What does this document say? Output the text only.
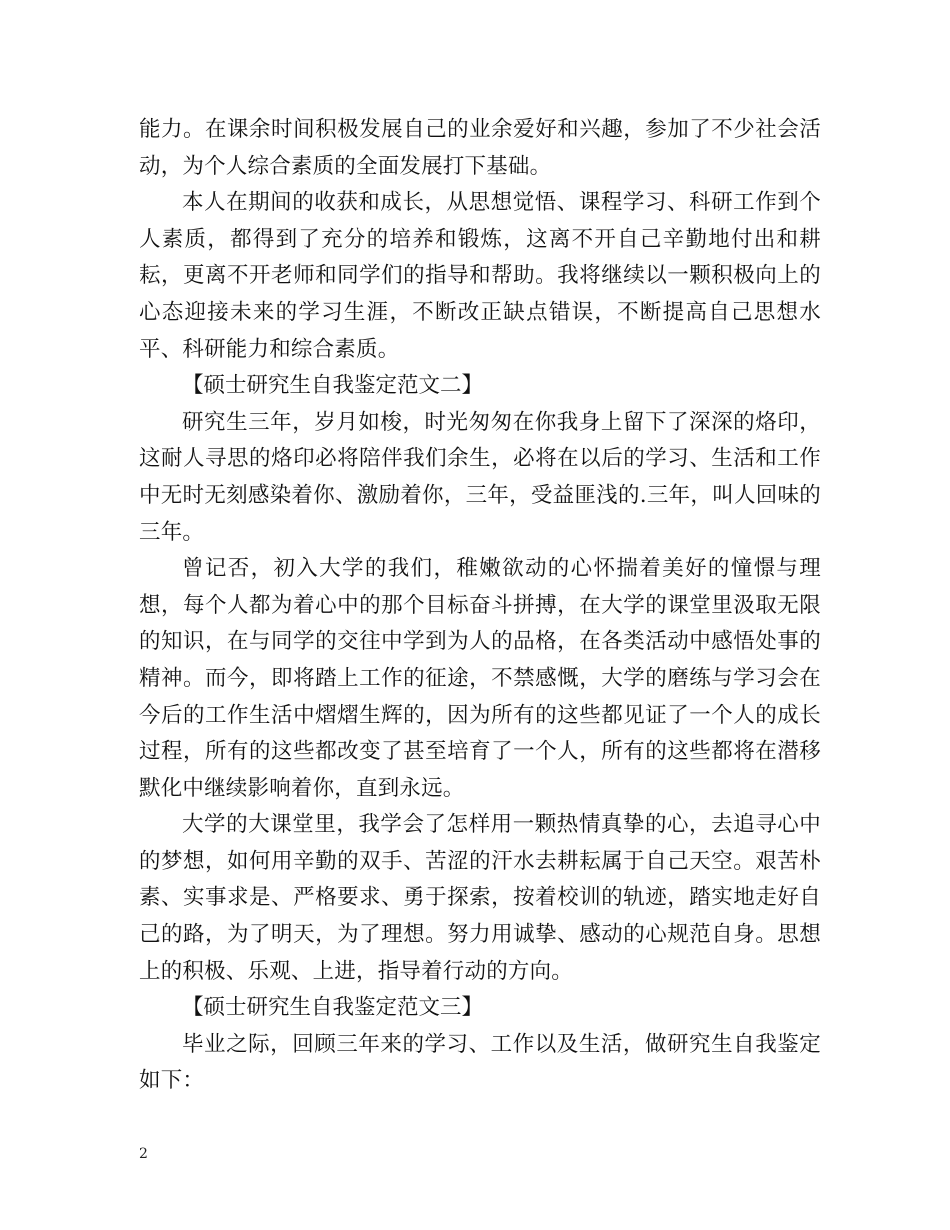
能力。在课余时间积极发展自己的业余爱好和兴趣，参加了不少社会活动，为个人综合素质的全面发展打下基础。

本人在期间的收获和成长，从思想觉悟、课程学习、科研工作到个人素质，都得到了充分的培养和锻炼，这离不开自己辛勤地付出和耕耘，更离不开老师和同学们的指导和帮助。我将继续以一颗积极向上的心态迎接未来的学习生涯，不断改正缺点错误，不断提高自己思想水平、科研能力和综合素质。

【硕士研究生自我鉴定范文二】

研究生三年，岁月如梭，时光匆匆在你我身上留下了深深的烙印，这耐人寻思的烙印必将陪伴我们余生，必将在以后的学习、生活和工作中无时无刻感染着你、激励着你，三年，受益匪浅的.三年，叫人回味的三年。

曾记否，初入大学的我们，稚嫩欲动的心怀揣着美好的憧憬与理想，每个人都为着心中的那个目标奋斗拼搏，在大学的课堂里汲取无限的知识，在与同学的交往中学到为人的品格，在各类活动中感悟处事的精神。而今，即将踏上工作的征途，不禁感慨，大学的磨练与学习会在今后的工作生活中熠熠生辉的，因为所有的这些都见证了一个人的成长过程，所有的这些都改变了甚至培育了一个人，所有的这些都将在潜移默化中继续影响着你，直到永远。

大学的大课堂里，我学会了怎样用一颗热情真挚的心，去追寻心中的梦想，如何用辛勤的双手、苦涩的汗水去耕耘属于自己天空。艰苦朴素、实事求是、严格要求、勇于探索，按着校训的轨迹，踏实地走好自己的路，为了明天，为了理想。努力用诚挚、感动的心规范自身。思想上的积极、乐观、上进，指导着行动的方向。

【硕士研究生自我鉴定范文三】

毕业之际，回顾三年来的学习、工作以及生活，做研究生自我鉴定如下：

2
